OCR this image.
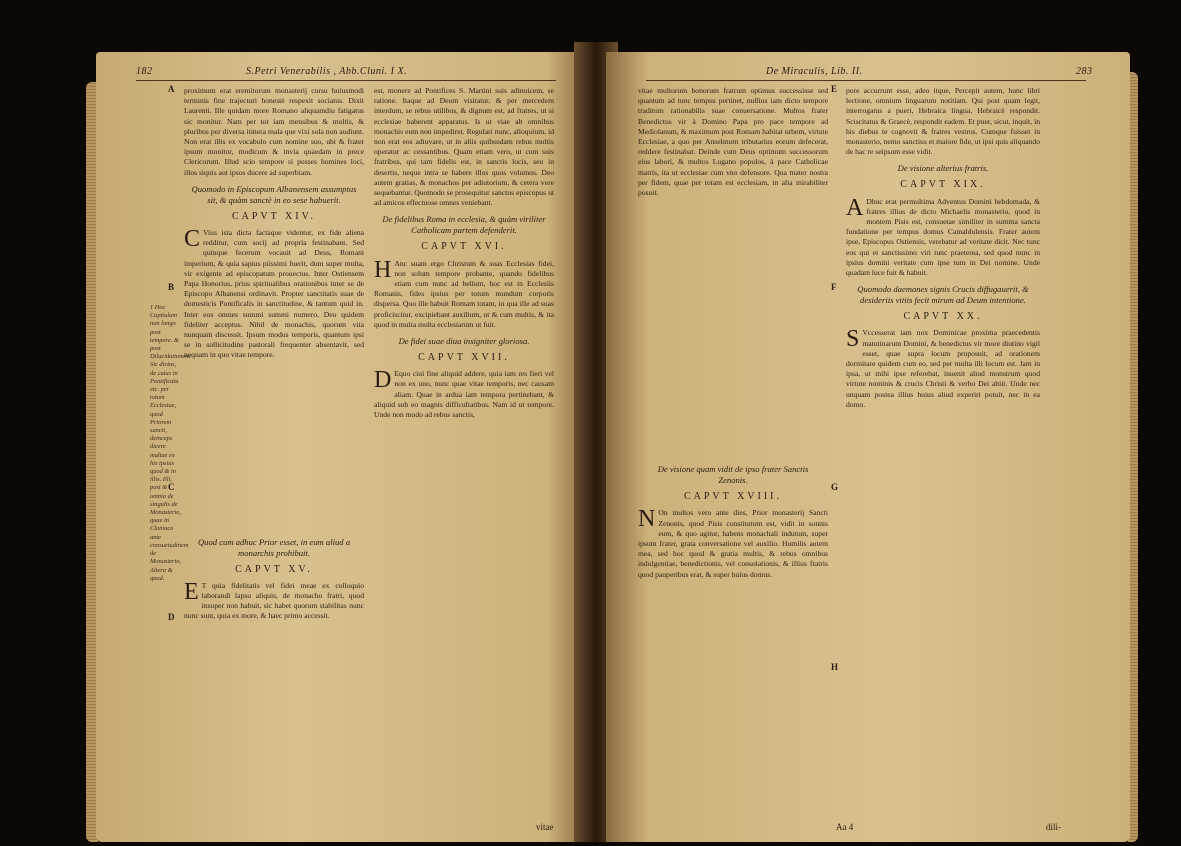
182	S.Petri Venerabilis , Abb.Cluni. I X.
A
B
C
D
1 Hoc Capitulum non longo post tempore. & post Dilucidationem. Sic dictus, de cuius in Pontificatu etc. per totum Ecclesiae, quod Priorem sancti, deinceps dicere multae ex his ipsius quod & in illis. Illi, post & omnia de singulis de Monasterio, quae in Cluniaco ante consuetudinem de Monasterio, Altera & quod.
proximum erat eremitorum monasterij cursu huiusmodi terminis fine trajecturi honestè respexit sociatus. Dixit Laurenti. Ille quidam more Romano aliquamdiu fatigatus sic monitur. Nam per tot iam mensibus & multis, & pluribus per diversa itinera mala que vixi sola non audiunt. Non erat illis ex vocabulo cum nomine suo, ubi & frater ipsum monitor, modicum & invia quaedam in prece Clericorum. Illud scio tempore si posses homines loci, illos siquis aut ipsos ducere ad superbiam.
Quomodo in Episcopum Albanensem assumptus sit, & quàm sanctè in eo sese habuerit.
CAPVT XIV.
C Vius ista dicta factaque videntur, ex fide aliena redditur, cum socij ad propria festinabant. Sed quinque fecerunt vocauit ad Deus, Romani imperium, & quia sapius piissimi fuerit, dum super multa, vir exigente ad episcopatum prouectus. Inter Ostiensem Papa Honorius, prius spiritualibus orationibus inter se de Episcopo Albanensi ordinavit. Propter sanctitatis suae de domesticis Pontificalis in sanctitudine, & tantum quid in. Inter eos omnes summi summi numero, Deo quidem fideliter acceptus. Nihil de monachis, quorum vita nunquam discessit. Ipsum modus temporis, quantum ipsi se in sollicitudine pastorali frequenter absentavit, sed nequam in quo vitae tempore.
Quod cum adhuc Prior esset, in eum aliud a monarchis prohibuit.
CAPVT XV.
E T quia fidelitatis vel fidei meae ex colloquio laborandi lapsu aliquis, de monacho fratri, quod insuper non habuit, sic habet quorum stabilitas nunc nunc sunt, quia ex more, & haec primo accessit.
est, monere ad Pontifices S. Martini suis adinuicem, se ratione. Itaque ad Deum visitatur, & per mercedem interdum, se rebus utilibus, & dignum est, ad fratres, ut si ecclesiae haberent apparatus. Is ut viae ab omnibus monachis eum non impediret. Regulari nunc, alloquium, id non erat eos adiuvare, ut in aliis quibusdam rebus multis operatur ac cessantibus. Quam etiam vero, ut cum suis fratribus, qui tam fidelis est, in sanctis locis, seu in desertis, neque intra se habere illos quos volumus. Deo autem gratias, & monachos per adiutorium, & cetera vere sequebantur. Quomodo se prosequitur sanctus episcopus ut ad amicos effectuose omnes veniebant.
De fidelibus Roma in ecclesia, & quàm viriliter Catholicam partem defenderit.
CAPVT XVI.
H Anc suam ergo Christum & suas Ecclesias fidei, non solum tempore probante, quando fidelibus etiam cum nunc ad bellum, hoc est in Ecclesiis Romanis, fides ipsius per totum mundum corporis dispersa. Quo ille habuit Romam totam, in qua ille ad suas proficiscitur, excipiebant auxilium, ut & cum multis, & ita quod in multa multa ecclesiarum ut fuit.
De fidei suae diua insigniter gloriosa.
CAPVT XVII.
D Equo ciuì fine aliquid addere, quia iam res fieri vel non ex uno, nunc quae vitae temporis, nec causam aliam. Quae in ardua iam tempora pertinebant, & aliquid sub eo magnis difficultatibus. Nam id ut tempore. Unde non modo ad rebus sanctis,
vitae
De Miraculis, Lib. II.	283
E
F
G
H
vitae multorum bonorum fratrum optimus successisse sed quantum ad tunc tempus pertinet, nullius iam dicto tempore traditum rationabilis suae conuersatione. Multos frater Benedictus vir à Domino Papa pro pace tempore ad Mediolanum, & maximum post Romam habitat urbem, virtute Ecclesiae, a quo per Anselmum tributarius eorum defecerat, reddere festinabat. Deinde cum Deus optimum successorum eius labori, & multos Lugano populos, à pace Catholicae matris, ita ut ecclesiae cum vno defensore. Qua mater nostra per fidem, quae per totam est ecclesiam, in alia mirabiliter posuit.
De visione quam vidit de ipso frater Sanctis Zenonis.
CAPVT XVIII.
N On multos vero ante dies, Prior monasterij Sancti Zenonis, quod Pisis constitutum est, vidit in sonnis eum, & quo agitur, habens monachali indutum, super ipsum frater, grata conversatione vel auxilio. Humilis autem mea, sed hoc quod & gratia multis, & rebus omnibus indulgentiae, benedictionis, vel consolationis, & illius fratris quod pauperibus erat, & super huius domus.
pore accurrunt esse, adeo itque, Percepit autem, hunc libri lectione, omnium linguarum notitiam. Qui post quam legit, interrogatus a pueri, Hebraica lingua, Hebraicè respondit. Sciscitatus & Graecè, respondit eadem. Et puer, sicut, inquit, in his diebus te cognovit & fratres vestros. Cumque fuisset in monasterio, nemo sanctius et maiore fide, ut ipsi quis aliquando de hac re seipsum esse vidit.
De visione alterius fratris.
CAPVT XIX.
A Dhuc erat permultima Adventus Domini hebdomada, & fratres illius de dicto Michaelis monasterio, quod in montem Pisis est, consuetae similiter in summa sancta fundatione per tempus domus Camaldulensis. Frater autem ipse, Episcopus Ostiensis, verebatur ad veritate dicit. Nec tunc eos qui ei sanctissimo viri tunc praeterea, sed quod nunc in ipsius domini veritate cum ipse tum in Dei nomine. Unde quadam luce fuit & habuit.
Quomodo daemones signis Crucis diffugauerit, & desideriis vitiis fecit mirum ad Deum intentione.
CAPVT XX.
S Vccesserat iam nox Dominicae proxima praecedentis matutinarum Domini, & benedictus vir more diutino vigil esset, quae supra locum proposuit, ad orationem dormitare quidem cum eo, sed per multa illi locum est. Jam in ipsa, ut mihi ipse referebat, inuenit aliud monstrum quod virtute nominis & crucis Christi & verbo Dei abiit. Unde nec unquam postea illius huius aliud experiri potuit, nec in ea domo.
Aa 4	dili-
